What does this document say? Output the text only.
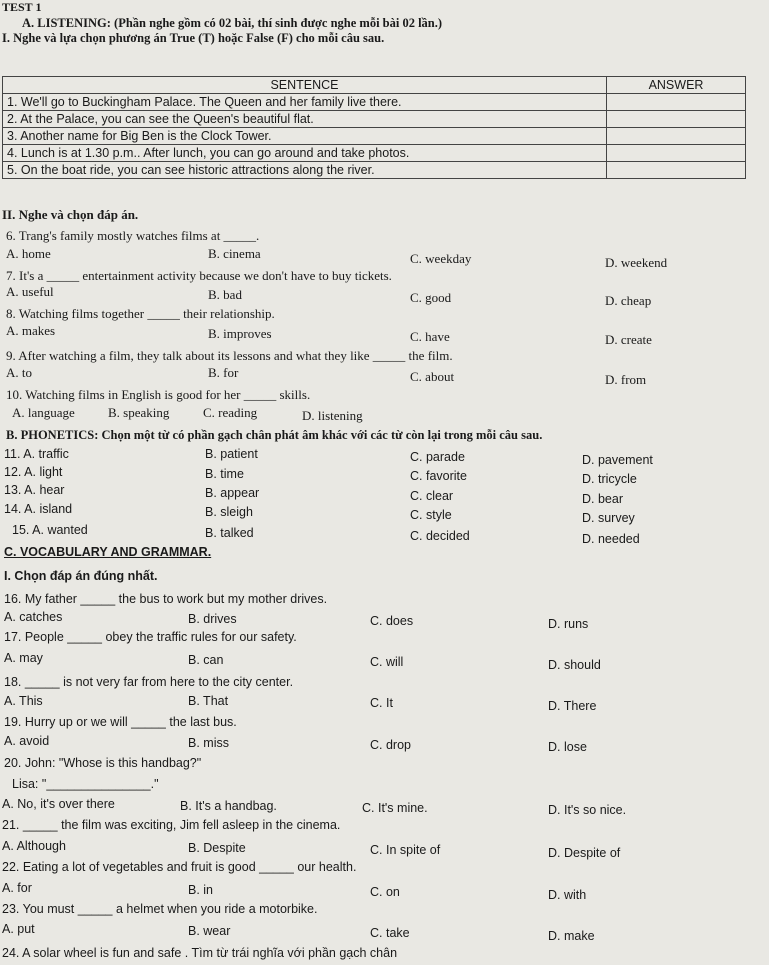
TEST 1
A. LISTENING: (Phần nghe gồm có 02 bài, thí sinh được nghe mỗi bài 02 lần.)
I. Nghe và lựa chọn phương án True (T) hoặc False (F) cho mỗi câu sau.
SENTENCE	ANSWER
1. We'll go to Buckingham Palace. The Queen and her family live there.	
2. At the Palace, you can see the Queen's beautiful flat.	
3. Another name for Big Ben is the Clock Tower.	
4. Lunch is at 1.30 p.m.. After lunch, you can go around and take photos.	
5. On the boat ride, you can see historic attractions along the river.	
II. Nghe và chọn đáp án.
6. Trang's family mostly watches films at _____.
A. home	B. cinema	C. weekday	D. weekend
7. It's a _____ entertainment activity because we don't have to buy tickets.
A. useful	B. bad	C. good	D. cheap
8. Watching films together _____ their relationship.
A. makes	B. improves	C. have	D. create
9. After watching a film, they talk about its lessons and what they like _____ the film.
A. to	B. for	C. about	D. from
10. Watching films in English is good for her _____ skills.
A. language	B. speaking	C. reading	D. listening
B. PHONETICS: Chọn một từ có phần gạch chân phát âm khác với các từ còn lại trong mỗi câu sau.
11. A. traffic	B. patient	C. parade	D. pavement
12. A. light	B. time	C. favorite	D. tricycle
13. A. hear	B. appear	C. clear	D. bear
14. A. island	B. sleigh	C. style	D. survey
15. A. wanted	B. talked	C. decided	D. needed
C. VOCABULARY AND GRAMMAR.
I. Chọn đáp án đúng nhất.
16. My father _____ the bus to work but my mother drives.
A. catches	B. drives	C. does	D. runs
17. People _____ obey the traffic rules for our safety.
A. may	B. can	C. will	D. should
18. _____ is not very far from here to the city center.
A. This	B. That	C. It	D. There
19. Hurry up or we will _____ the last bus.
A. avoid	B. miss	C. drop	D. lose
20. John: "Whose is this handbag?"
Lisa: "_______________."
A. No, it's over there	B. It's a handbag.	C. It's mine.	D. It's so nice.
21. _____ the film was exciting, Jim fell asleep in the cinema.
A. Although	B. Despite	C. In spite of	D. Despite of
22. Eating a lot of vegetables and fruit is good _____ our health.
A. for	B. in	C. on	D. with
23. You must _____ a helmet when you ride a motorbike.
A. put	B. wear	C. take	D. make
24. A solar wheel is fun and safe . Tìm từ trái nghĩa với phần gạch chân
